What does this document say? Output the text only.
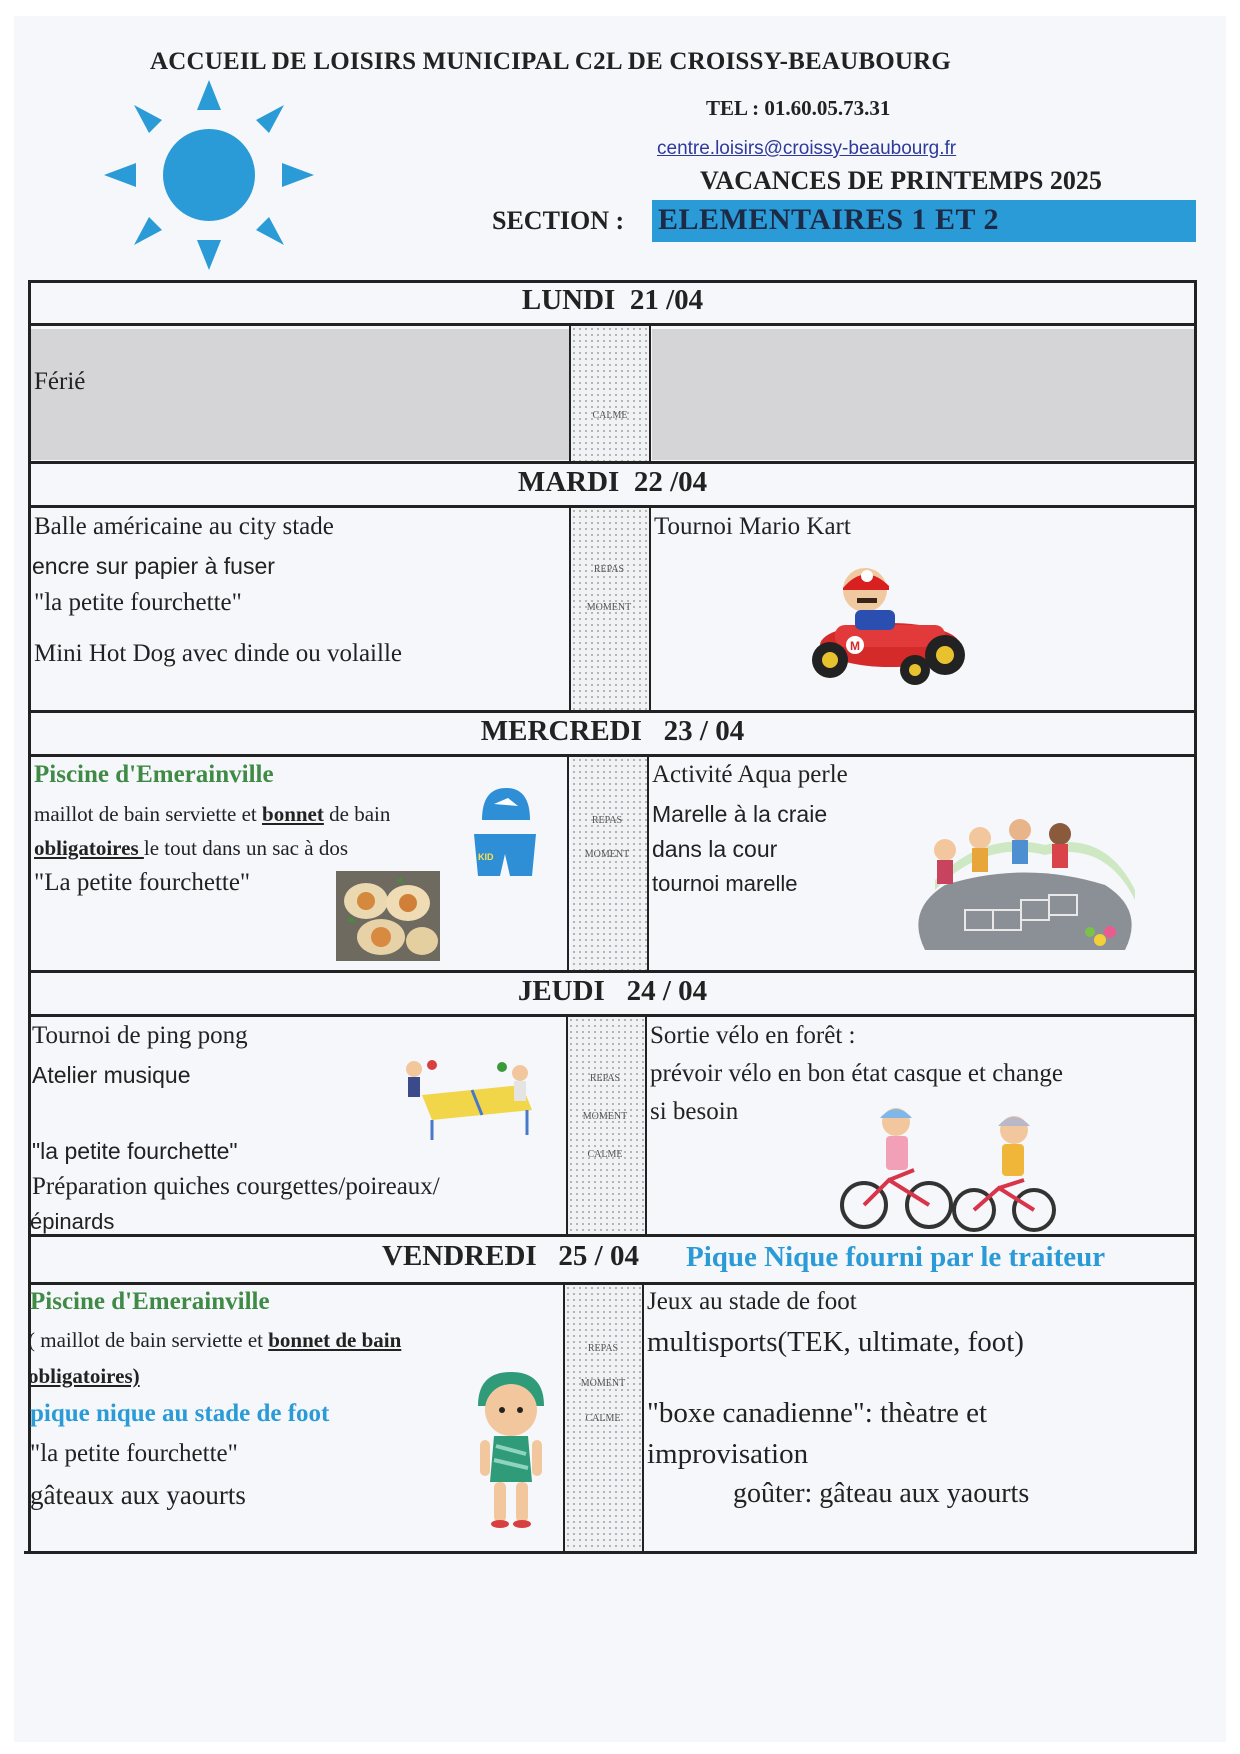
ACCUEIL DE LOISIRS MUNICIPAL C2L DE CROISSY-BEAUBOURG
TEL : 01.60.05.73.31
centre.loisirs@croissy-beaubourg.fr
VACANCES DE PRINTEMPS 2025
SECTION : ELEMENTAIRES 1 ET 2
LUNDI  21 /04
Férié
CALME
MARDI  22 /04
Balle américaine au city stade
encre sur papier à fuser
"la petite fourchette"
Mini Hot Dog avec dinde ou volaille
REPAS
MOMENT
Tournoi Mario Kart
M
MERCREDI   23 / 04
Piscine d'Emerainville
maillot de bain serviette et bonnet de bain
obligatoires le tout dans un sac à dos
"La petite fourchette"
REPAS
MOMENT
Activité Aqua perle
Marelle à la craie
dans la cour
tournoi marelle
KID
JEUDI   24 / 04
Tournoi de ping pong
Atelier musique
"la petite fourchette"
Préparation quiches courgettes/poireaux/
épinards
REPAS
MOMENT
CALME
Sortie vélo en forêt :
prévoir vélo en bon état casque et change
si besoin
VENDREDI   25 / 04 Pique Nique fourni par le traiteur
Piscine d'Emerainville
( maillot de bain serviette et bonnet de bain
obligatoires)
pique nique au stade de foot
"la petite fourchette"
gâteaux aux yaourts
REPAS
MOMENT
CALME
Jeux au stade de foot
multisports(TEK, ultimate, foot)
"boxe canadienne": thèatre et
improvisation
goûter: gâteau aux yaourts
